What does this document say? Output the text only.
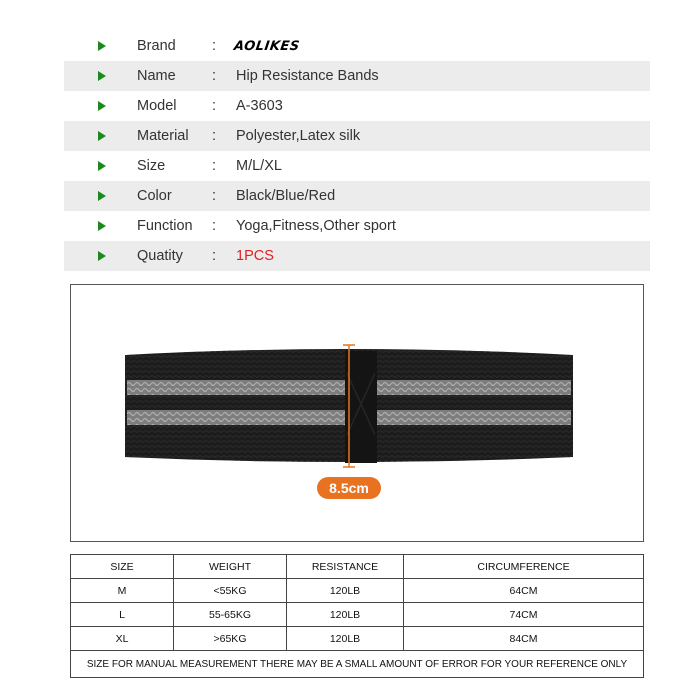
Brand	: AOLIKES
Name	: Hip Resistance Bands
Model : A-3603
Material : Polyester,Latex silk
Size	: M/L/XL
Color	: Black/Blue/Red
Function : Yoga,Fitness,Other sport
Quatity : 1PCS
8.5cm
SIZE	WEIGHT	RESISTANCE	CIRCUMFERENCE
M	<55KG	120LB	64CM
L	55-65KG	120LB	74CM
XL	>65KG	120LB	84CM
SIZE FOR MANUAL MEASUREMENT THERE MAY BE A SMALL AMOUNT OF ERROR FOR YOUR REFERENCE ONLY			
